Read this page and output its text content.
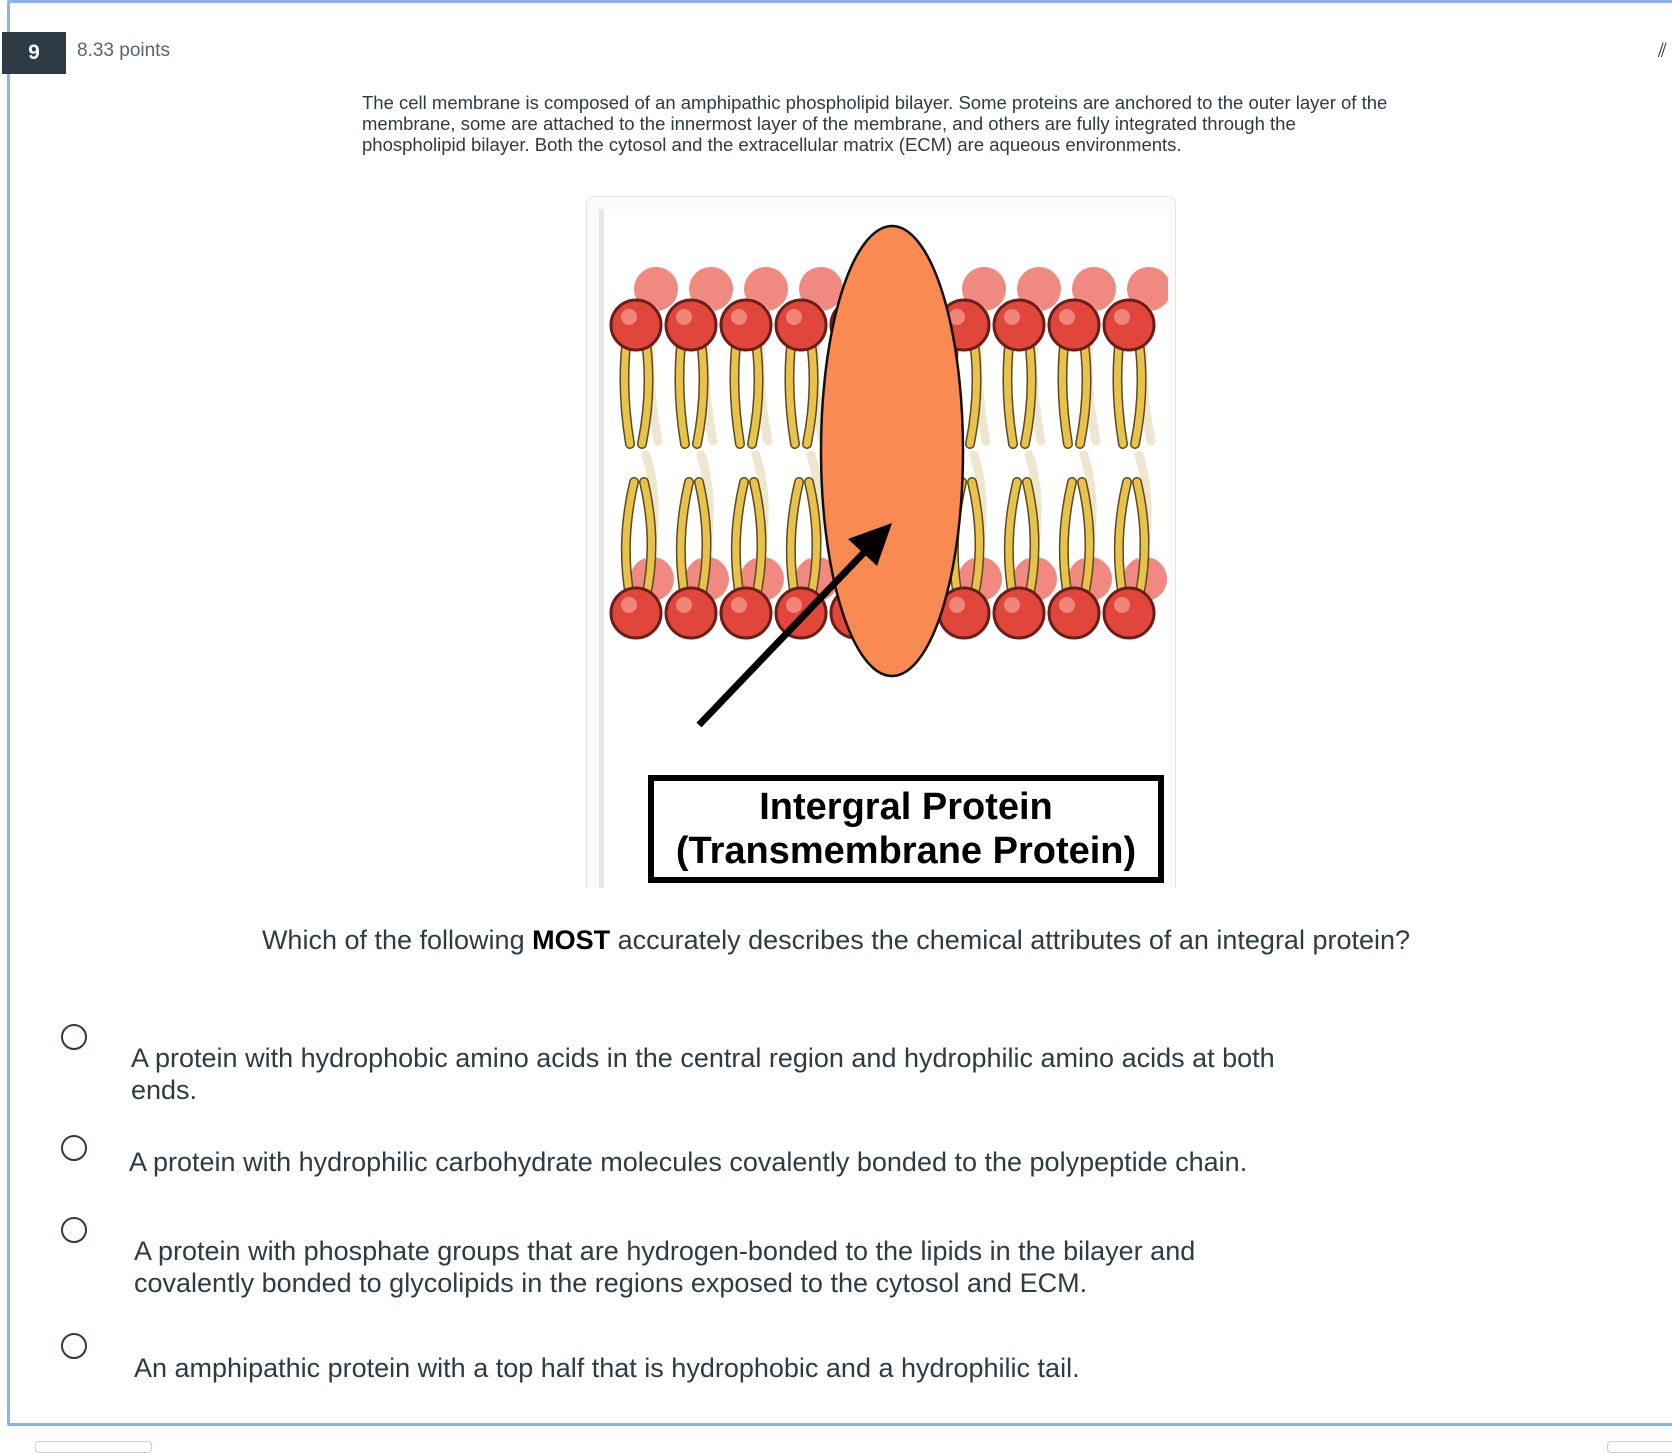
9	8.33 points	⫽

The cell membrane is composed of an amphipathic phospholipid bilayer. Some proteins are anchored to the outer layer of the membrane, some are attached to the innermost layer of the membrane, and others are fully integrated through the phospholipid bilayer. Both the cytosol and the extracellular matrix (ECM) are aqueous environments.

Intergral Protein
(Transmembrane Protein)
Which of the following MOST accurately describes the chemical attributes of an integral protein?
A protein with hydrophobic amino acids in the central region and hydrophilic amino acids at both ends.
A protein with hydrophilic carbohydrate molecules covalently bonded to the polypeptide chain.
A protein with phosphate groups that are hydrogen-bonded to the lipids in the bilayer and covalently bonded to glycolipids in the regions exposed to the cytosol and ECM.
An amphipathic protein with a top half that is hydrophobic and a hydrophilic tail.
